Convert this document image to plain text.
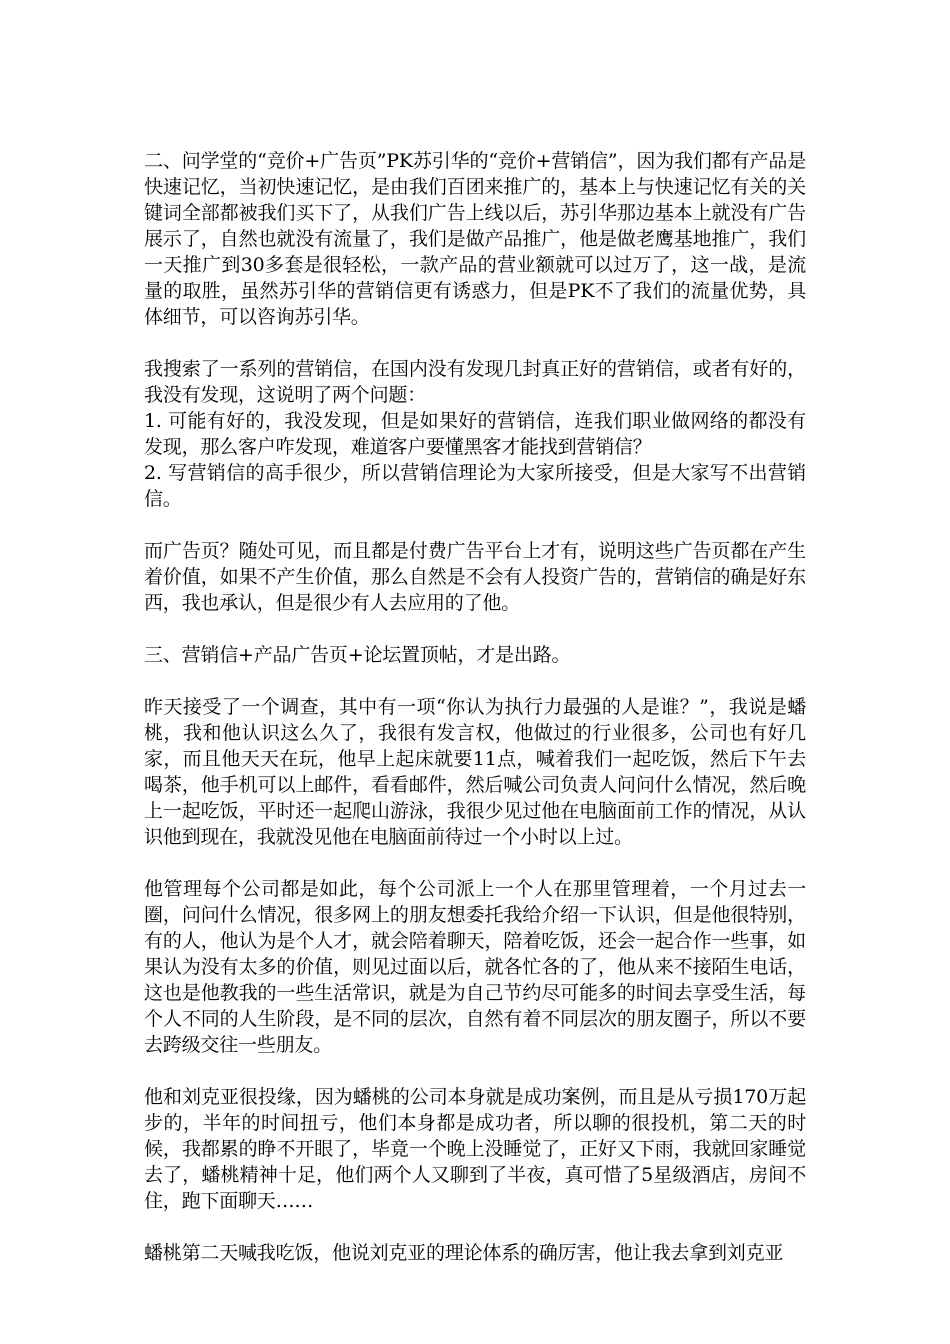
二、问学堂的“竞价+广告页”PK苏引华的“竞价+营销信”，因为我们都有产品是快速记忆，当初快速记忆，是由我们百团来推广的，基本上与快速记忆有关的关键词全部都被我们买下了，从我们广告上线以后，苏引华那边基本上就没有广告展示了，自然也就没有流量了，我们是做产品推广，他是做老鹰基地推广，我们一天推广到30多套是很轻松，一款产品的营业额就可以过万了，这一战，是流量的取胜，虽然苏引华的营销信更有诱惑力，但是PK不了我们的流量优势，具体细节，可以咨询苏引华。

我搜索了一系列的营销信，在国内没有发现几封真正好的营销信，或者有好的，我没有发现，这说明了两个问题：

1. 可能有好的，我没发现，但是如果好的营销信，连我们职业做网络的都没有发现，那么客户咋发现，难道客户要懂黑客才能找到营销信？

2. 写营销信的高手很少，所以营销信理论为大家所接受，但是大家写不出营销信。

而广告页？随处可见，而且都是付费广告平台上才有，说明这些广告页都在产生着价值，如果不产生价值，那么自然是不会有人投资广告的，营销信的确是好东西，我也承认，但是很少有人去应用的了他。

三、营销信+产品广告页+论坛置顶帖，才是出路。

昨天接受了一个调查，其中有一项“你认为执行力最强的人是谁？”，我说是蟠桃，我和他认识这么久了，我很有发言权，他做过的行业很多，公司也有好几家，而且他天天在玩，他早上起床就要11点，喊着我们一起吃饭，然后下午去喝茶，他手机可以上邮件，看看邮件，然后喊公司负责人问问什么情况，然后晚上一起吃饭，平时还一起爬山游泳，我很少见过他在电脑面前工作的情况，从认识他到现在，我就没见他在电脑面前待过一个小时以上过。

他管理每个公司都是如此，每个公司派上一个人在那里管理着，一个月过去一圈，问问什么情况，很多网上的朋友想委托我给介绍一下认识，但是他很特别，有的人，他认为是个人才，就会陪着聊天，陪着吃饭，还会一起合作一些事，如果认为没有太多的价值，则见过面以后，就各忙各的了，他从来不接陌生电话，这也是他教我的一些生活常识，就是为自己节约尽可能多的时间去享受生活，每个人不同的人生阶段，是不同的层次，自然有着不同层次的朋友圈子，所以不要去跨级交往一些朋友。

他和刘克亚很投缘，因为蟠桃的公司本身就是成功案例，而且是从亏损170万起步的，半年的时间扭亏，他们本身都是成功者，所以聊的很投机，第二天的时候，我都累的睁不开眼了，毕竟一个晚上没睡觉了，正好又下雨，我就回家睡觉去了，蟠桃精神十足，他们两个人又聊到了半夜，真可惜了5星级酒店，房间不住，跑下面聊天……

蟠桃第二天喊我吃饭，他说刘克亚的理论体系的确厉害，他让我去拿到刘克亚
